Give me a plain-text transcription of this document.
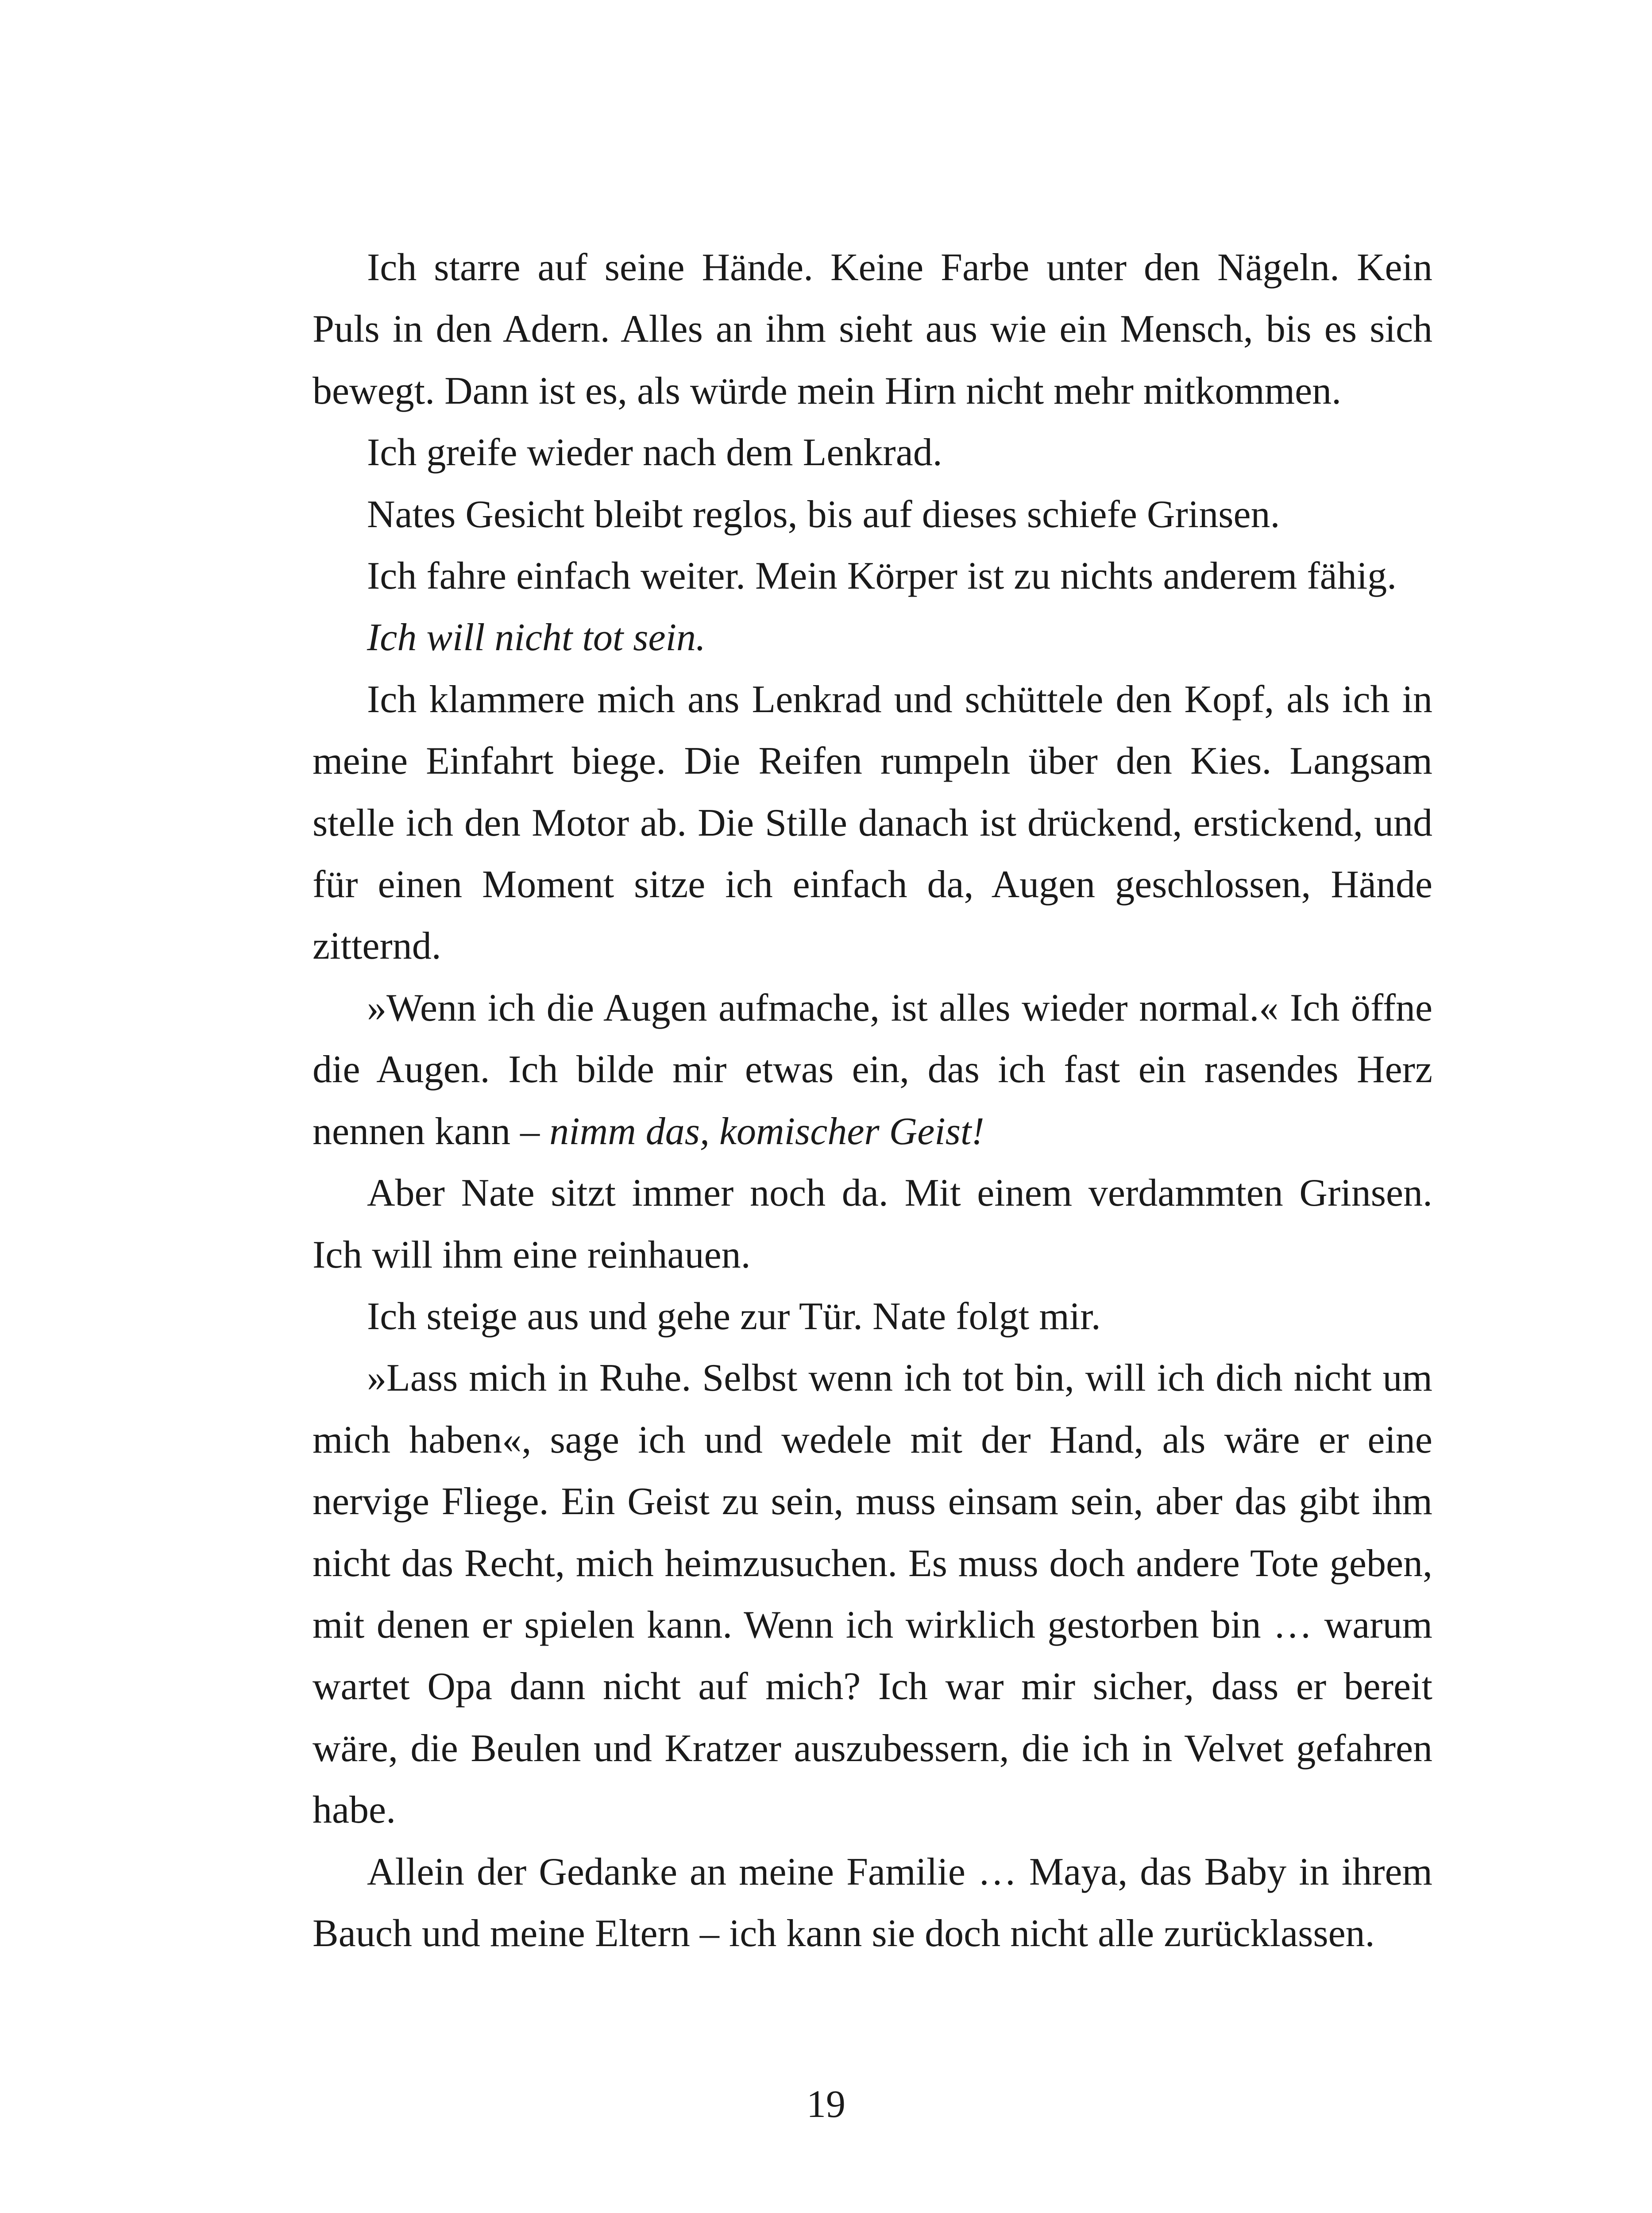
Ich starre auf seine Hände. Keine Farbe unter den Nägeln. Kein Puls in den Adern. Alles an ihm sieht aus wie ein Mensch, bis es sich bewegt. Dann ist es, als würde mein Hirn nicht mehr mitkommen.

Ich greife wieder nach dem Lenkrad.

Nates Gesicht bleibt reglos, bis auf dieses schiefe Grinsen.

Ich fahre einfach weiter. Mein Körper ist zu nichts anderem fähig.

Ich will nicht tot sein.

Ich klammere mich ans Lenkrad und schüttele den Kopf, als ich in meine Einfahrt biege. Die Reifen rumpeln über den Kies. Langsam stelle ich den Motor ab. Die Stille danach ist drückend, erstickend, und für einen Moment sitze ich einfach da, Augen geschlossen, Hände zitternd.

»Wenn ich die Augen aufmache, ist alles wieder normal.« Ich öffne die Augen. Ich bilde mir etwas ein, das ich fast ein rasendes Herz nennen kann – nimm das, komischer Geist!

Aber Nate sitzt immer noch da. Mit einem verdammten Grinsen. Ich will ihm eine reinhauen.

Ich steige aus und gehe zur Tür. Nate folgt mir.

»Lass mich in Ruhe. Selbst wenn ich tot bin, will ich dich nicht um mich haben«, sage ich und wedele mit der Hand, als wäre er eine nervige Fliege. Ein Geist zu sein, muss einsam sein, aber das gibt ihm nicht das Recht, mich heimzusuchen. Es muss doch andere Tote geben, mit denen er spielen kann. Wenn ich wirklich gestorben bin … warum wartet Opa dann nicht auf mich? Ich war mir sicher, dass er bereit wäre, die Beulen und Kratzer auszubessern, die ich in Velvet gefahren habe.

Allein der Gedanke an meine Familie … Maya, das Baby in ihrem Bauch und meine Eltern – ich kann sie doch nicht alle zurücklassen.

19
